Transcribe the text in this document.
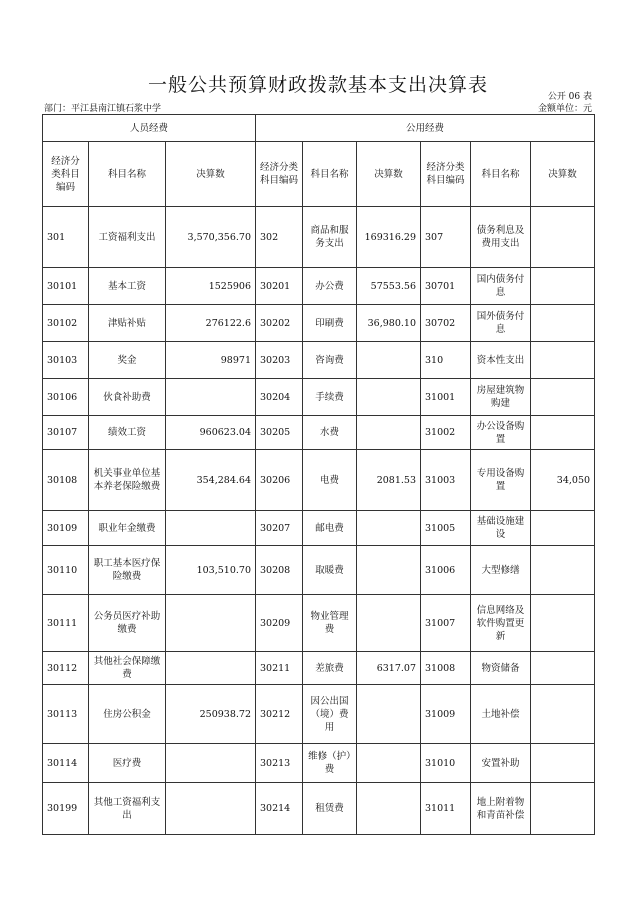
一般公共预算财政拨款基本支出决算表
公开 06 表
部门：平江县南江镇石浆中学	金额单位：元
人员经费			公用经费					
经济分类科目编码	科目名称	决算数	经济分类科目编码	科目名称	决算数	经济分类科目编码	科目名称	决算数
301	工资福利支出	3,570,356.70	302	商品和服务支出	169316.29	307	债务利息及费用支出	
30101	基本工资	1525906	30201	办公费	57553.56	30701	国内债务付息	
30102	津贴补贴	276122.6	30202	印刷费	36,980.10	30702	国外债务付息	
30103	奖金	98971	30203	咨询费		310	资本性支出	
30106	伙食补助费		30204	手续费		31001	房屋建筑物购建	
30107	绩效工资	960623.04	30205	水费		31002	办公设备购置	
30108	机关事业单位基本养老保险缴费	354,284.64	30206	电费	2081.53	31003	专用设备购置	34,050
30109	职业年金缴费		30207	邮电费		31005	基础设施建设	
30110	职工基本医疗保险缴费	103,510.70	30208	取暖费		31006	大型修缮	
30111	公务员医疗补助缴费		30209	物业管理费		31007	信息网络及软件购置更新	
30112	其他社会保障缴费		30211	差旅费	6317.07	31008	物资储备	
30113	住房公积金	250938.72	30212	因公出国（境）费用		31009	土地补偿	
30114	医疗费		30213	维修（护）费		31010	安置补助	
30199	其他工资福利支出		30214	租赁费		31011	地上附着物和青苗补偿	
